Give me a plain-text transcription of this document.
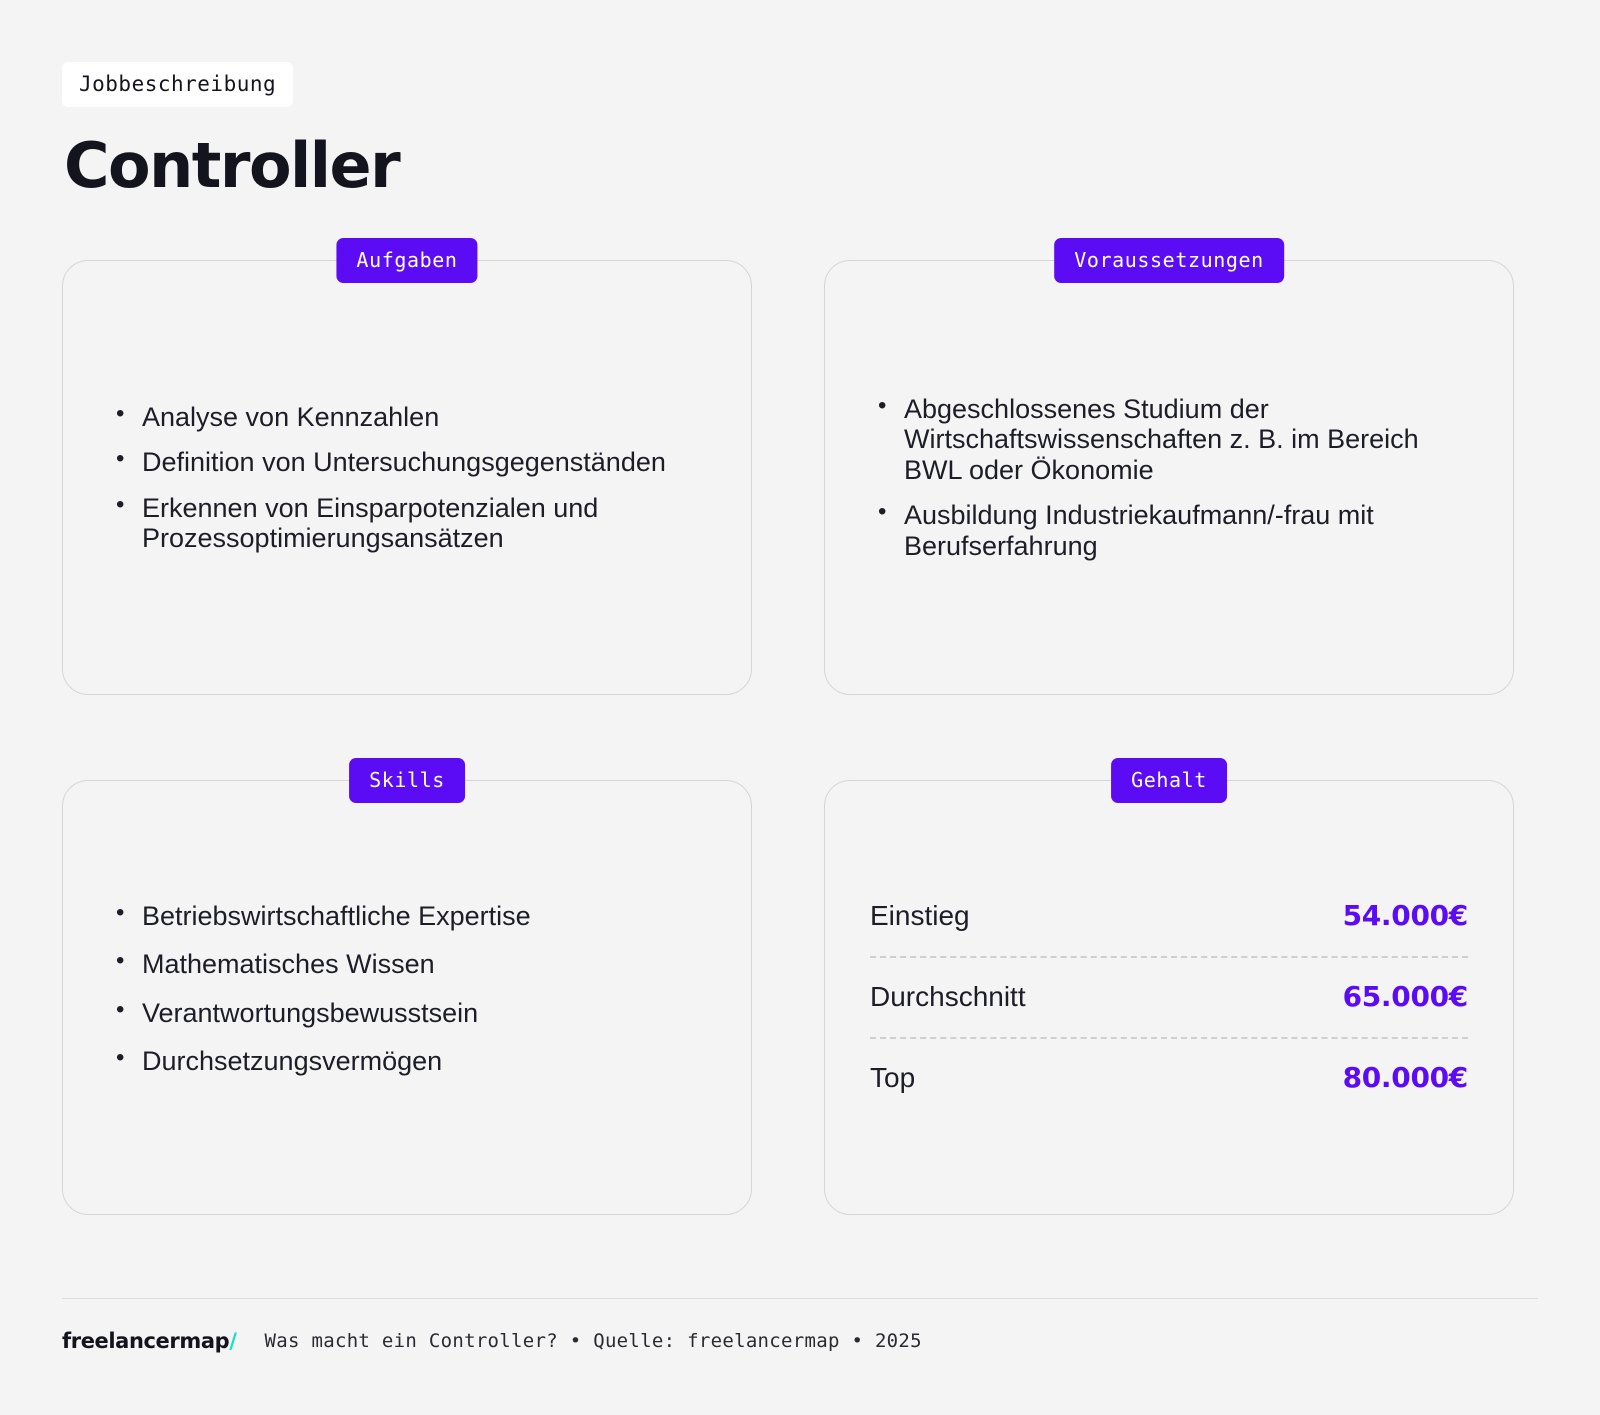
Jobbeschreibung
Controller
Aufgaben
• Analyse von Kennzahlen
• Definition von Untersuchungsgegenständen
• Erkennen von Einsparpotenzialen und Prozessoptimierungsansätzen
Voraussetzungen
• Abgeschlossenes Studium der Wirtschaftswissenschaften z. B. im Bereich BWL oder Ökonomie
• Ausbildung Industriekaufmann/-frau mit Berufserfahrung
Skills
• Betriebswirtschaftliche Expertise
• Mathematisches Wissen
• Verantwortungsbewusstsein
• Durchsetzungsvermögen
Gehalt
Einstieg	54.000€
Durchschnitt	65.000€
Top	80.000€
freelancermap/ Was macht ein Controller? • Quelle: freelancermap • 2025
